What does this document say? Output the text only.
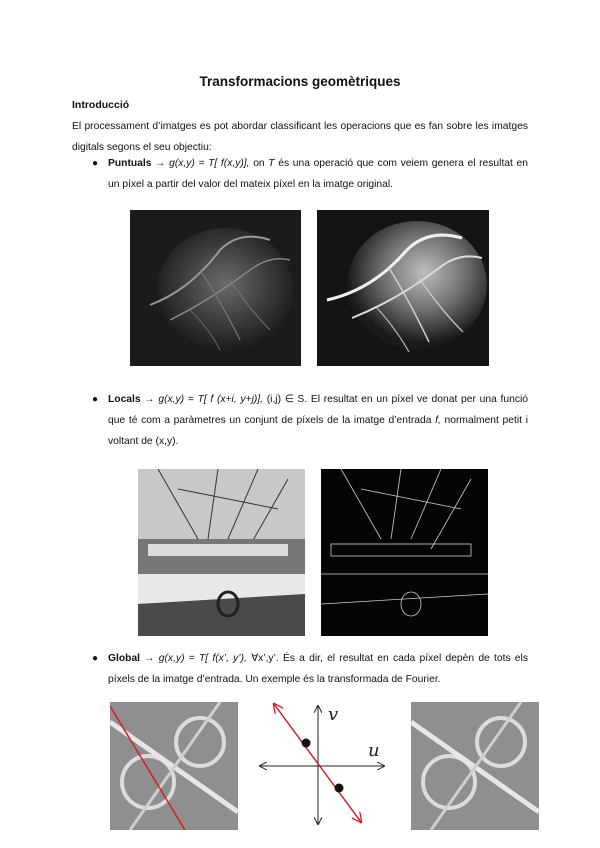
Transformacions geomètriques
Introducció
El processament d’imatges es pot abordar classificant les operacions que es fan sobre les imatges digitals segons el seu objectiu:
● Puntuals → g(x,y) = T[ f(x,y)], on T és una operació que com veiem genera el resultat en un píxel a partir del valor del mateix píxel en la imatge original.
● Locals → g(x,y) = T[ f (x+i, y+j)], (i,j) ∈ S. El resultat en un píxel ve donat per una funció que té com a paràmetres un conjunt de píxels de la imatge d’entrada f, normalment petit i voltant de (x,y).
● Global → g(x,y) = T[ f(x’, y’), ∀x’,y’. És a dir, el resultat en cada píxel depèn de tots els píxels de la imatge d’entrada. Un exemple és la transformada de Fourier.
v
u
